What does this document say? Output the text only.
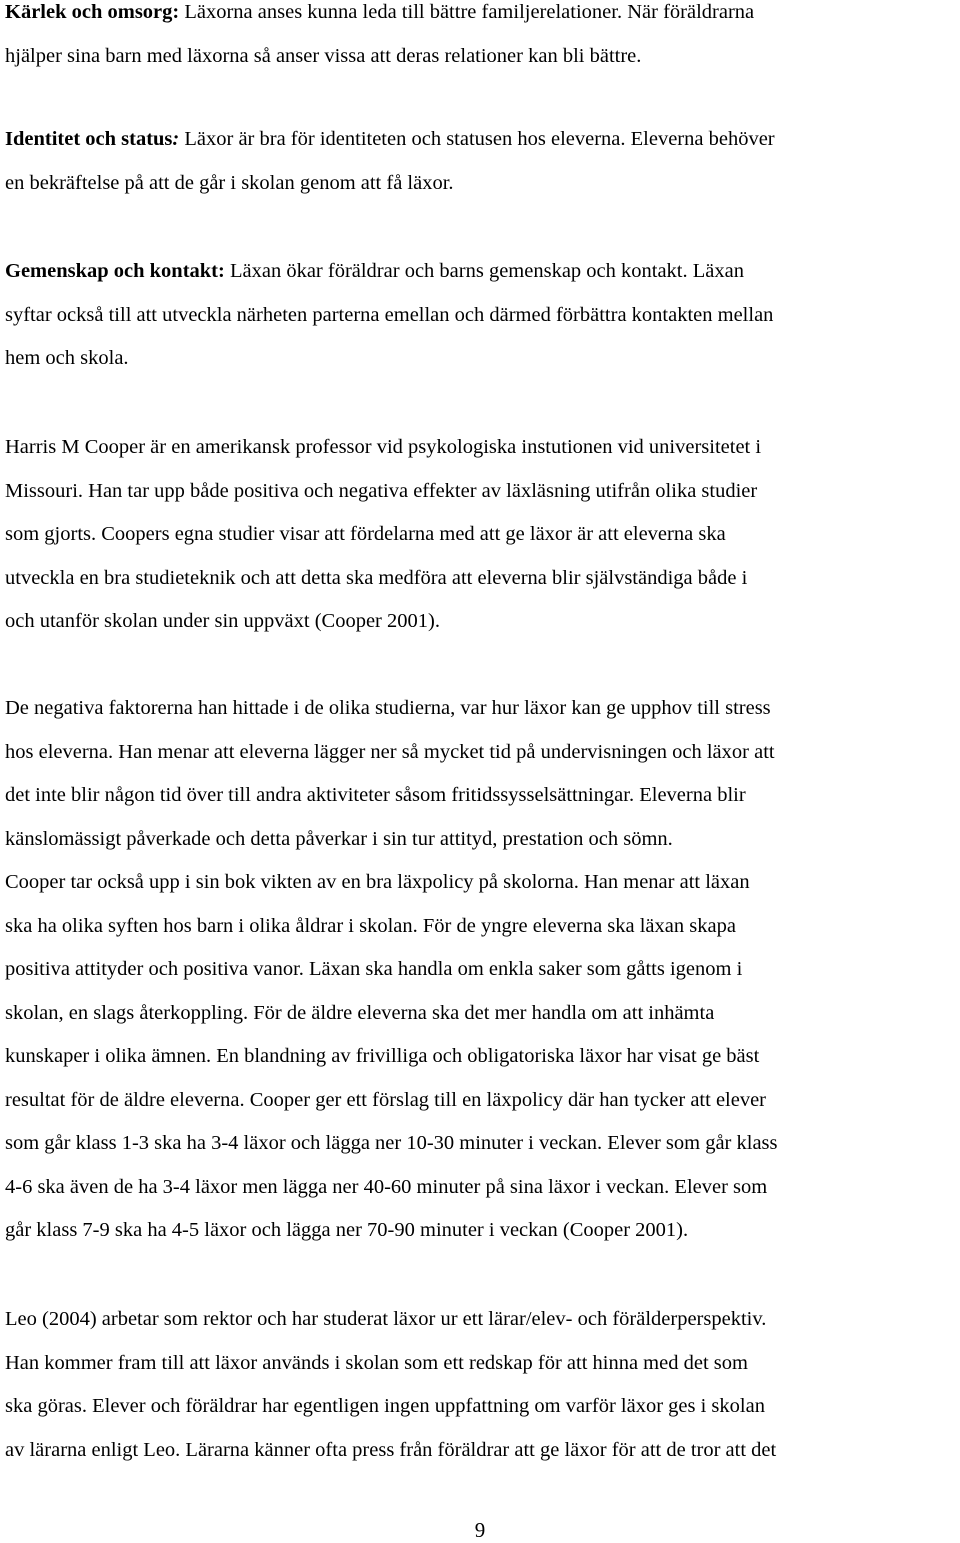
Kärlek och omsorg: Läxorna anses kunna leda till bättre familjerelationer. När föräldrarna
hjälper sina barn med läxorna så anser vissa att deras relationer kan bli bättre.
Identitet och status: Läxor är bra för identiteten och statusen hos eleverna. Eleverna behöver
en bekräftelse på att de går i skolan genom att få läxor.
Gemenskap och kontakt: Läxan ökar föräldrar och barns gemenskap och kontakt. Läxan
syftar också till att utveckla närheten parterna emellan och därmed förbättra kontakten mellan
hem och skola.
Harris M Cooper är en amerikansk professor vid psykologiska instutionen vid universitetet i
Missouri. Han tar upp både positiva och negativa effekter av läxläsning utifrån olika studier
som gjorts. Coopers egna studier visar att fördelarna med att ge läxor är att eleverna ska
utveckla en bra studieteknik och att detta ska medföra att eleverna blir självständiga både i
och utanför skolan under sin uppväxt (Cooper 2001).
De negativa faktorerna han hittade i de olika studierna, var hur läxor kan ge upphov till stress
hos eleverna. Han menar att eleverna lägger ner så mycket tid på undervisningen och läxor att
det inte blir någon tid över till andra aktiviteter såsom fritidssysselsättningar. Eleverna blir
känslomässigt påverkade och detta påverkar i sin tur attityd, prestation och sömn.
Cooper tar också upp i sin bok vikten av en bra läxpolicy på skolorna. Han menar att läxan
ska ha olika syften hos barn i olika åldrar i skolan. För de yngre eleverna ska läxan skapa
positiva attityder och positiva vanor. Läxan ska handla om enkla saker som gåtts igenom i
skolan, en slags återkoppling. För de äldre eleverna ska det mer handla om att inhämta
kunskaper i olika ämnen. En blandning av frivilliga och obligatoriska läxor har visat ge bäst
resultat för de äldre eleverna. Cooper ger ett förslag till en läxpolicy där han tycker att elever
som går klass 1-3 ska ha 3-4 läxor och lägga ner 10-30 minuter i veckan. Elever som går klass
4-6 ska även de ha 3-4 läxor men lägga ner 40-60 minuter på sina läxor i veckan. Elever som
går klass 7-9 ska ha 4-5 läxor och lägga ner 70-90 minuter i veckan (Cooper 2001).
Leo (2004) arbetar som rektor och har studerat läxor ur ett lärar/elev- och förälderperspektiv.
Han kommer fram till att läxor används i skolan som ett redskap för att hinna med det som
ska göras. Elever och föräldrar har egentligen ingen uppfattning om varför läxor ges i skolan
av lärarna enligt Leo. Lärarna känner ofta press från föräldrar att ge läxor för att de tror att det
9
